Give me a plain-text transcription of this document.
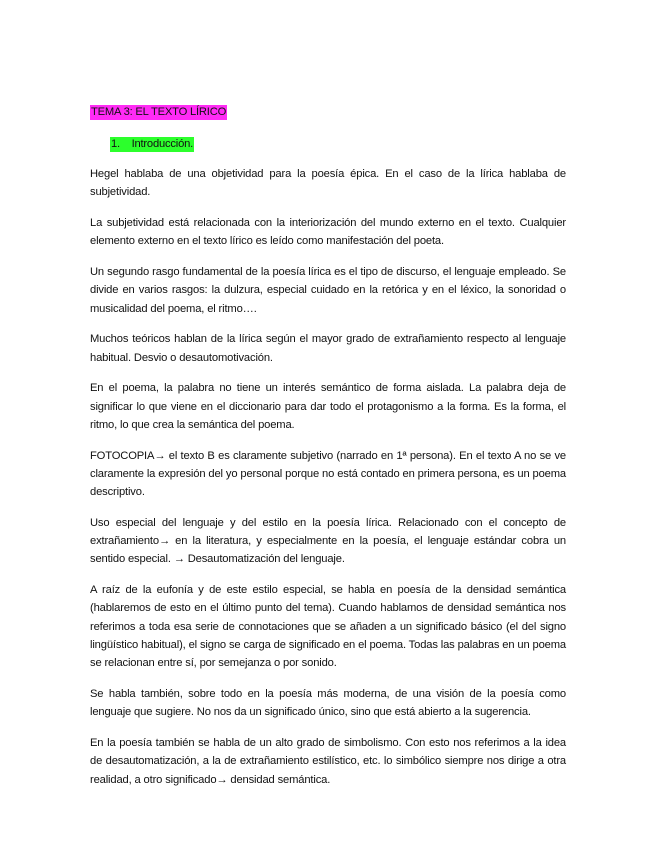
TEMA 3: EL TEXTO LÍRICO
1.    Introducción.

Hegel hablaba de una objetividad para la poesía épica. En el caso de la lírica hablaba de subjetividad.

La subjetividad está relacionada con la interiorización del mundo externo en el texto. Cualquier elemento externo en el texto lírico es leído como manifestación del poeta.

Un segundo rasgo fundamental de la poesía lírica es el tipo de discurso, el lenguaje empleado. Se divide en varios rasgos: la dulzura, especial cuidado en la retórica y en el léxico, la sonoridad o musicalidad del poema, el ritmo….

Muchos teóricos hablan de la lírica según el mayor grado de extrañamiento respecto al lenguaje habitual. Desvio o desautomotivación.

En el poema, la palabra no tiene un interés semántico de forma aislada. La palabra deja de significar lo que viene en el diccionario para dar todo el protagonismo a la forma. Es la forma, el ritmo, lo que crea la semántica del poema.

FOTOCOPIA→ el texto B es claramente subjetivo (narrado en 1ª persona). En el texto A no se ve claramente la expresión del yo personal porque no está contado en primera persona, es un poema descriptivo.

Uso especial del lenguaje y del estilo en la poesía lírica. Relacionado con el concepto de extrañamiento→ en la literatura, y especialmente en la poesía, el lenguaje estándar cobra un sentido especial. → Desautomatización del lenguaje.

A raíz de la eufonía y de este estilo especial, se habla en poesía de la densidad semántica (hablaremos de esto en el último punto del tema). Cuando hablamos de densidad semántica nos referimos a toda esa serie de connotaciones que se añaden a un significado básico (el del signo lingüístico habitual), el signo se carga de significado en el poema. Todas las palabras en un poema se relacionan entre sí, por semejanza o por sonido.

Se habla también, sobre todo en la poesía más moderna, de una visión de la poesía como lenguaje que sugiere. No nos da un significado único, sino que está abierto a la sugerencia.

En la poesía también se habla de un alto grado de simbolismo. Con esto nos referimos a la idea de desautomatización, a la de extrañamiento estilístico, etc. lo simbólico siempre nos dirige a otra realidad, a otro significado→ densidad semántica.
